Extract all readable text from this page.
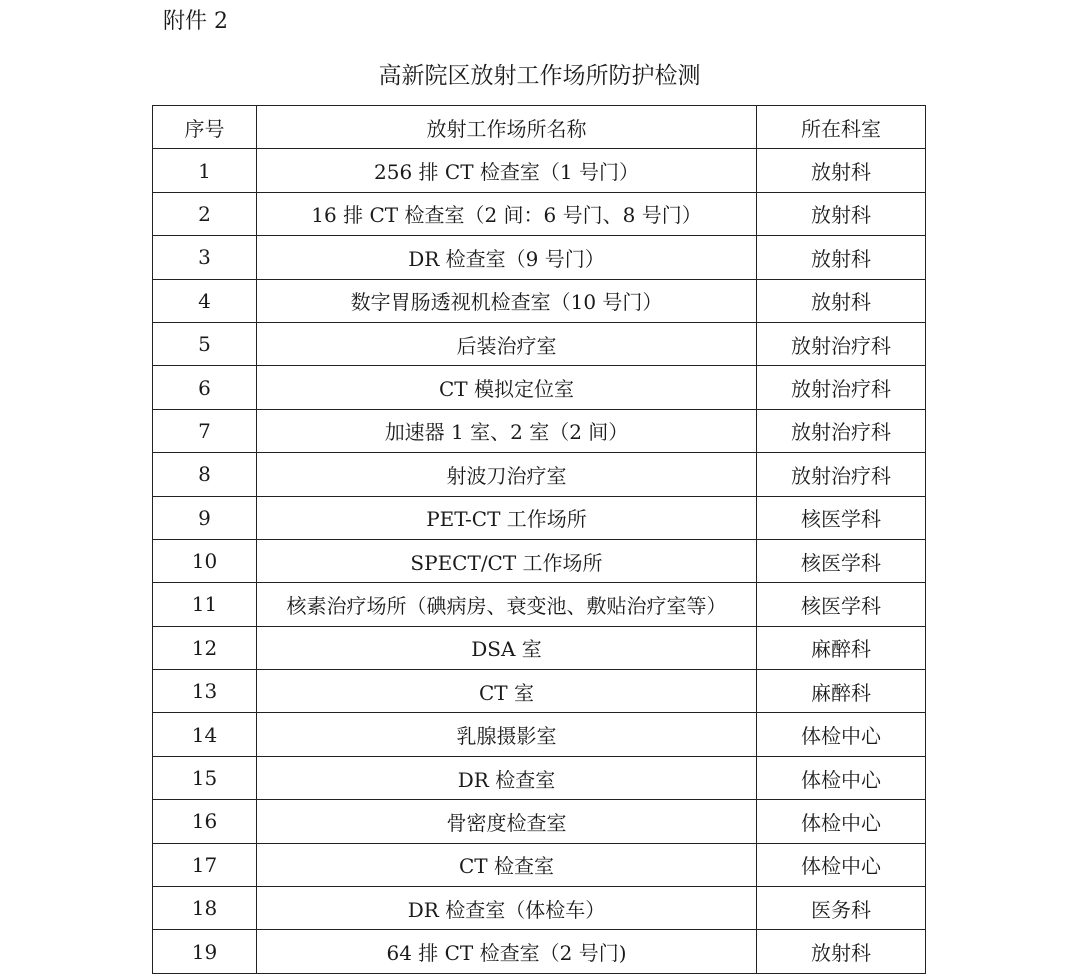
附件 2
高新院区放射工作场所防护检测
序号	放射工作场所名称	所在科室
1	256 排 CT 检查室（1 号门）	放射科
2	16 排 CT 检查室（2 间：6 号门、8 号门）	放射科
3	DR 检查室（9 号门）	放射科
4	数字胃肠透视机检查室（10 号门）	放射科
5	后装治疗室	放射治疗科
6	CT 模拟定位室	放射治疗科
7	加速器 1 室、2 室（2 间）	放射治疗科
8	射波刀治疗室	放射治疗科
9	PET-CT 工作场所	核医学科
10	SPECT/CT 工作场所	核医学科
11	核素治疗场所（碘病房、衰变池、敷贴治疗室等）	核医学科
12	DSA 室	麻醉科
13	CT 室	麻醉科
14	乳腺摄影室	体检中心
15	DR 检查室	体检中心
16	骨密度检查室	体检中心
17	CT 检查室	体检中心
18	DR 检查室（体检车）	医务科
19	64 排 CT 检查室（2 号门)	放射科
